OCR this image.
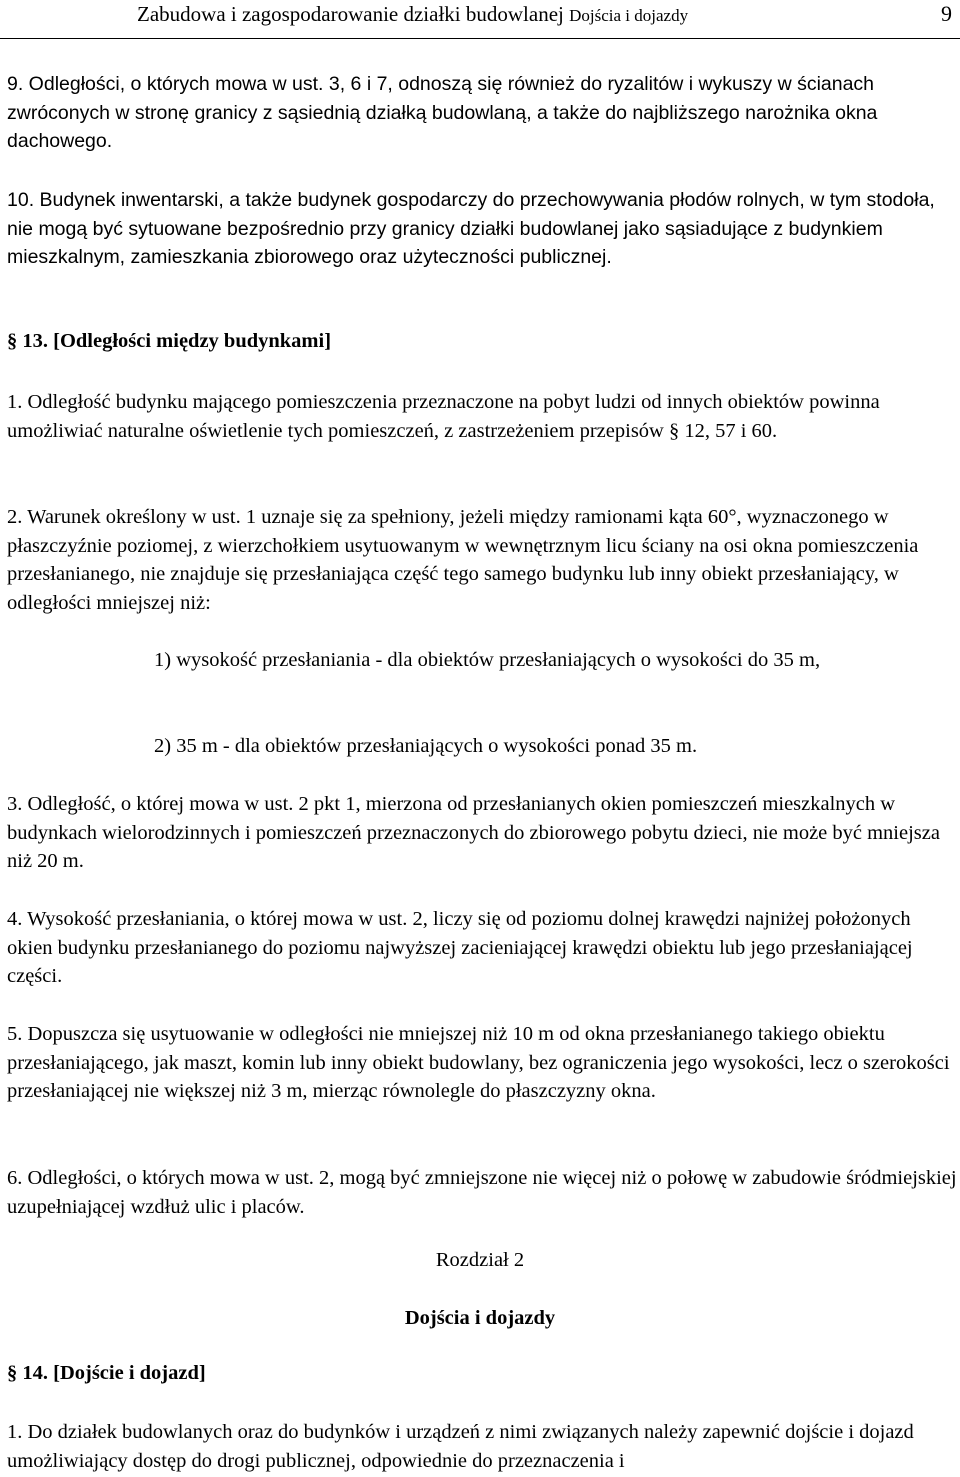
Zabudowa i zagospodarowanie działki budowlanej Dojścia i dojazdy	9

9. Odległości, o których mowa w ust. 3, 6 i 7, odnoszą się również do ryzalitów i wykuszy w ścianach zwróconych w stronę granicy z sąsiednią działką budowlaną, a także do najbliższego narożnika okna dachowego.

10. Budynek inwentarski, a także budynek gospodarczy do przechowywania płodów rolnych, w tym stodoła, nie mogą być sytuowane bezpośrednio przy granicy działki budowlanej jako sąsiadujące z budynkiem mieszkalnym, zamieszkania zbiorowego oraz użyteczności publicznej.

§ 13. [Odległości między budynkami]

1. Odległość budynku mającego pomieszczenia przeznaczone na pobyt ludzi od innych obiektów powinna umożliwiać naturalne oświetlenie tych pomieszczeń, z zastrzeżeniem przepisów § 12, 57 i 60.

2. Warunek określony w ust. 1 uznaje się za spełniony, jeżeli między ramionami kąta 60°, wyznaczonego w płaszczyźnie poziomej, z wierzchołkiem usytuowanym w wewnętrznym licu ściany na osi okna pomieszczenia przesłanianego, nie znajduje się przesłaniająca część tego samego budynku lub inny obiekt przesłaniający, w odległości mniejszej niż:

1) wysokość przesłaniania - dla obiektów przesłaniających o wysokości do 35 m,

2) 35 m - dla obiektów przesłaniających o wysokości ponad 35 m.

3. Odległość, o której mowa w ust. 2 pkt 1, mierzona od przesłanianych okien pomieszczeń mieszkalnych w budynkach wielorodzinnych i pomieszczeń przeznaczonych do zbiorowego pobytu dzieci, nie może być mniejsza niż 20 m.

4. Wysokość przesłaniania, o której mowa w ust. 2, liczy się od poziomu dolnej krawędzi najniżej położonych okien budynku przesłanianego do poziomu najwyższej zacieniającej krawędzi obiektu lub jego przesłaniającej części.

5. Dopuszcza się usytuowanie w odległości nie mniejszej niż 10 m od okna przesłanianego takiego obiektu przesłaniającego, jak maszt, komin lub inny obiekt budowlany, bez ograniczenia jego wysokości, lecz o szerokości przesłaniającej nie większej niż 3 m, mierząc równolegle do płaszczyzny okna.

6. Odległości, o których mowa w ust. 2, mogą być zmniejszone nie więcej niż o połowę w zabudowie śródmiejskiej uzupełniającej wzdłuż ulic i placów.

Rozdział 2
Dojścia i dojazdy
§ 14. [Dojście i dojazd]

1. Do działek budowlanych oraz do budynków i urządzeń z nimi związanych należy zapewnić dojście i dojazd umożliwiający dostęp do drogi publicznej, odpowiednie do przeznaczenia i
